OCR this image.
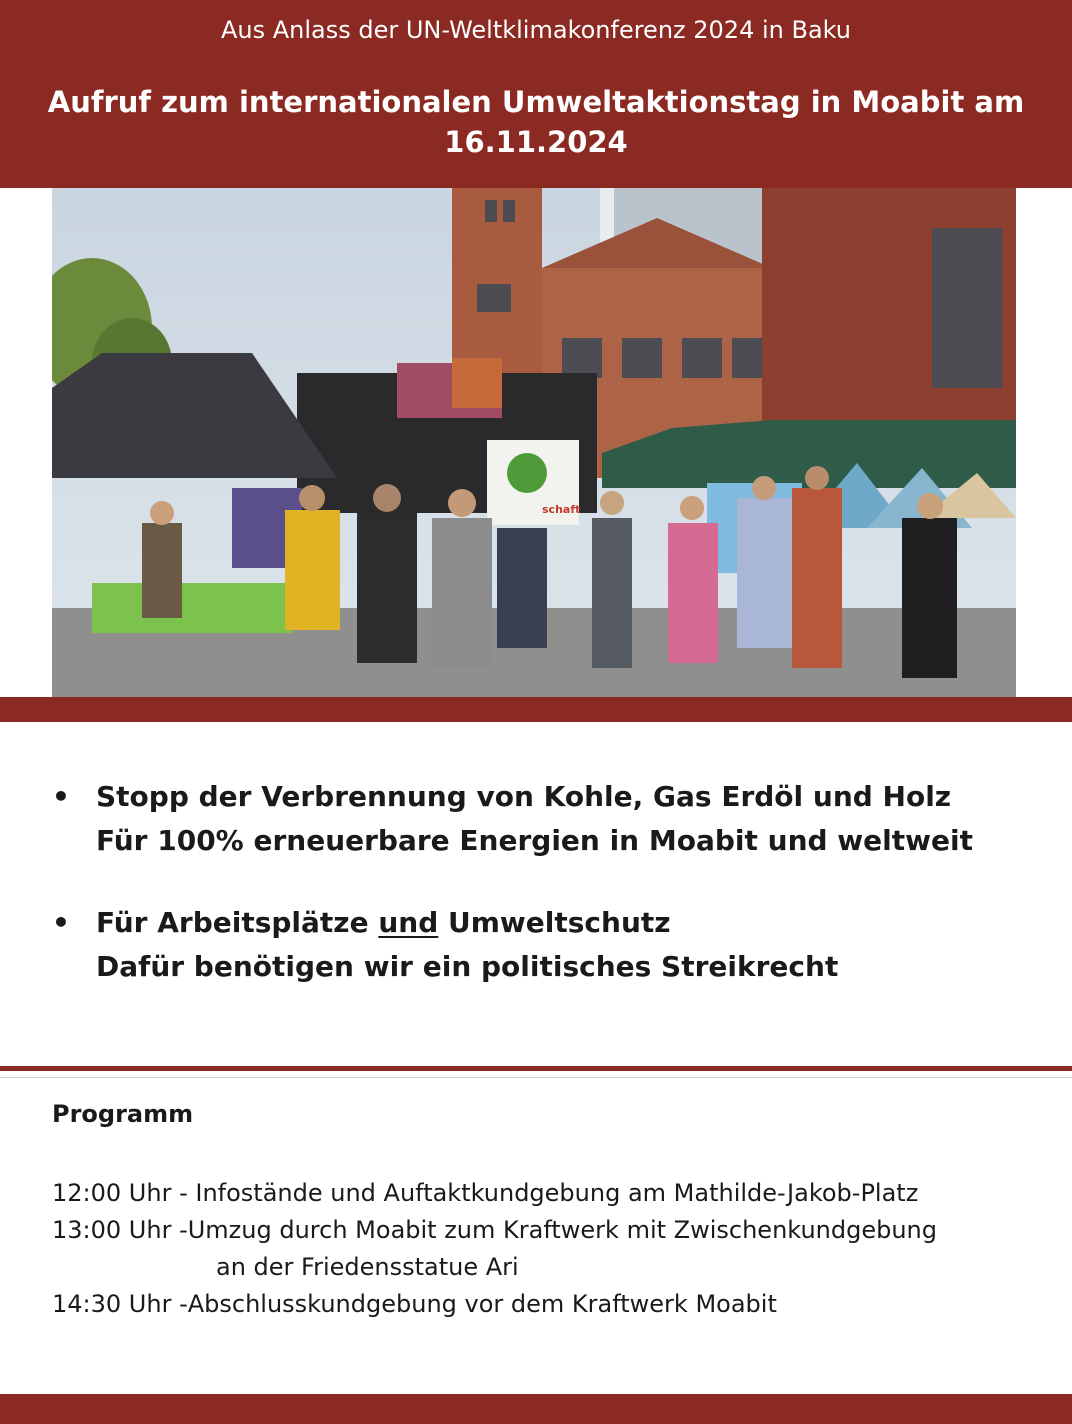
Aus Anlass der UN-Weltklimakonferenz 2024 in Baku
Aufruf zum internationalen Umweltaktionstag in Moabit am
16.11.2024
schaft
• Stopp der Verbrennung von Kohle, Gas Erdöl und Holz
Für 100% erneuerbare Energien in Moabit und weltweit
• Für Arbeitsplätze und Umweltschutz
Dafür benötigen wir ein politisches Streikrecht
Programm
12:00 Uhr - Infostände und Auftaktkundgebung am Mathilde-Jakob-Platz
13:00 Uhr -Umzug durch Moabit zum Kraftwerk mit Zwischenkundgebung
an der Friedensstatue Ari
14:30 Uhr -Abschlusskundgebung vor dem Kraftwerk Moabit
